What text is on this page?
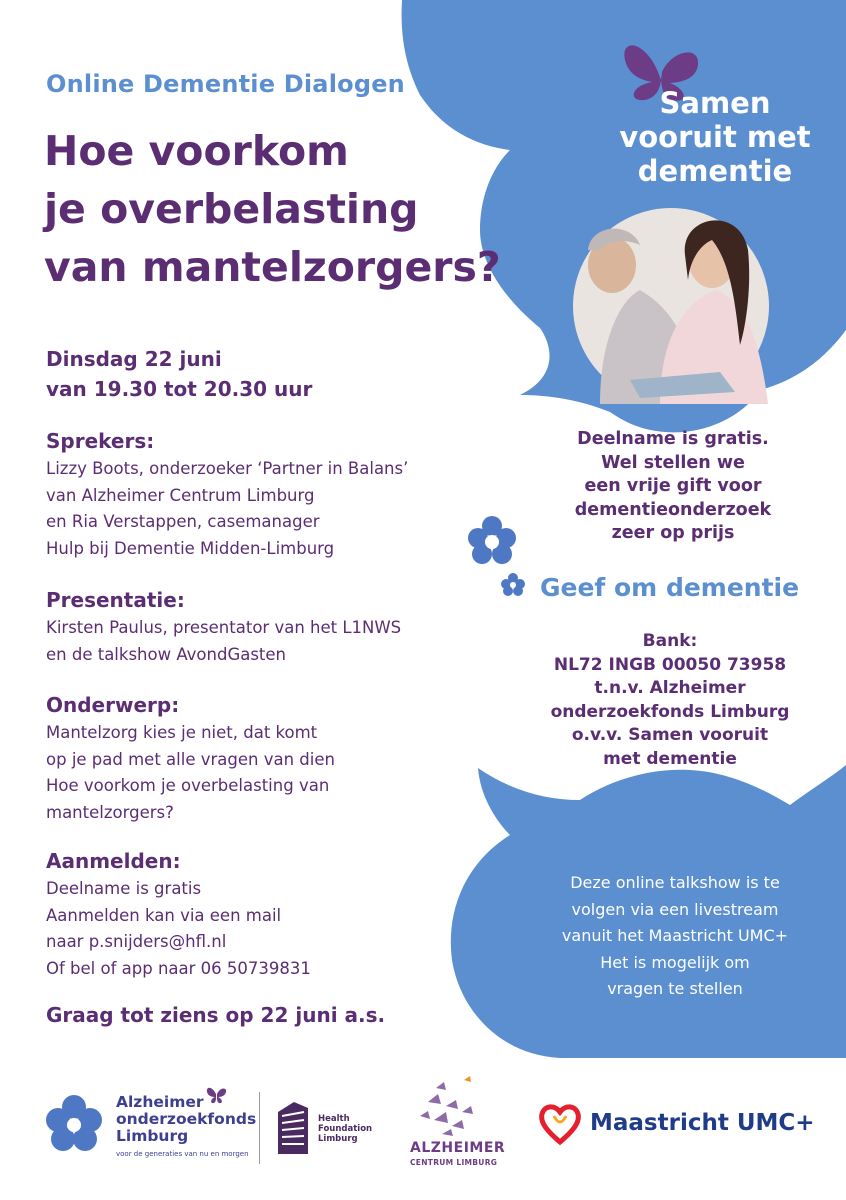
Online Dementie Dialogen
Hoe voorkom
je overbelasting
van mantelzorgers?
Dinsdag 22 juni
van 19.30 tot 20.30 uur
Sprekers:
Lizzy Boots, onderzoeker ‘Partner in Balans’
van Alzheimer Centrum Limburg
en Ria Verstappen, casemanager
Hulp bij Dementie Midden-Limburg
Presentatie:
Kirsten Paulus, presentator van het L1NWS
en de talkshow AvondGasten
Onderwerp:
Mantelzorg kies je niet, dat komt
op je pad met alle vragen van dien
Hoe voorkom je overbelasting van
mantelzorgers?
Aanmelden:
Deelname is gratis
Aanmelden kan via een mail
naar p.snijders@hfl.nl
Of bel of app naar 06 50739831
Graag tot ziens op 22 juni a.s.
Samen
vooruit met
dementie
Deelname is gratis.
Wel stellen we
een vrije gift voor
dementieonderzoek
zeer op prijs
Geef om dementie
Bank:
NL72 INGB 00050 73958
t.n.v. Alzheimer
onderzoekfonds Limburg
o.v.v. Samen vooruit
met dementie
Deze online talkshow is te
volgen via een livestream
vanuit het Maastricht UMC+
Het is mogelijk om
vragen te stellen
Alzheimer
onderzoekfonds
Limburg
voor de generaties van nu en morgen
Health
Foundation
Limburg
ALZHEIMER
CENTRUM LIMBURG
Maastricht UMC+
